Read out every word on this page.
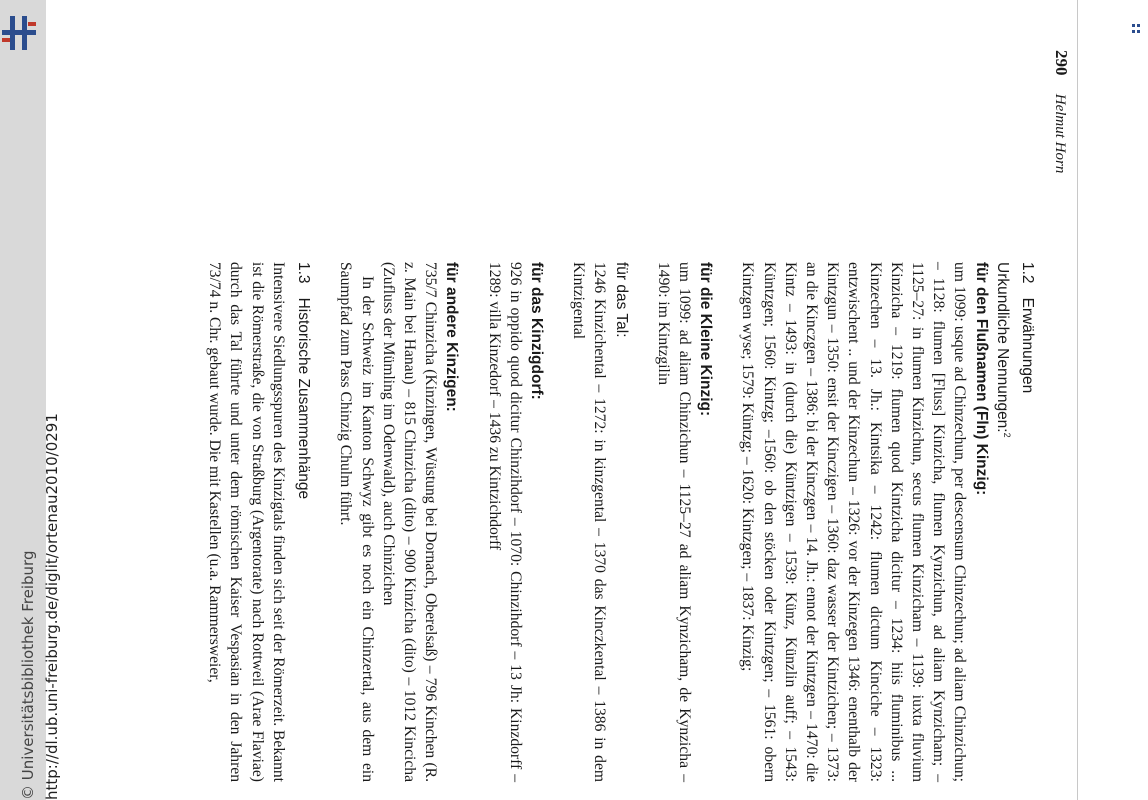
http://dl.ub.uni-freiburg.de/diglit/ortenau2010/0291
© Universitätsbibliothek Freiburg
290 Helmut Horn
1.2Erwähnungen
Urkundliche Nennungen:$^2$
für den Flußnamen (Fln) Kinzig:

um 1099: usque ad Chinzechun, per descensum Chinzechun; ad aliam Chinzichun; – 1128: flumen [Fluss] Kinzicha, flumen Kynzichun, ad aliam Kynzicham; – 1125–27: in flumen Kinzichun, secus flumen Kinzicham – 1139: iuxta fluvium Kinzicha – 1219: flumen quod Kintzicha dicitur – 1234: hiis fluminibus ... Kinzechen – 13. Jh.: Kintsika – 1242: flumen dictum Kinciche – 1323: entzwischent .. und der Kinzechun – 1326: vor der Kinzegen 1346: enenthalb der Kintzgun – 1350: ensit der Kinczigen – 1360: daz wasser der Kintzichen; – 1373: an die Kinczgen – 1386: bi der Kinczgen – 14. Jh.: ennot der Kintzgen – 1470: die Kintz – 1493: in (durch die) Küntzigen – 1539: Künz, Künzlin auff; – 1543: Küntzgen; 1560: Kintzg; –1560: ob den stöcken oder Kintzgen; – 1561: obern Kintzgen wyse; 1579: Küntzg; – 1620: Kintzgen; – 1837: Kinzig;

für die Kleine Kinzig:

um 1099: ad aliam Chinzichun – 1125–27 ad aliam Kynzicham, de Kynzicha – 1490: im Kintzgilin

für das Tal:

1246 Kinzichental – 1272: in kinzgental – 1370 das Kinczkental – 1386 in dem Kintzigental

für das Kinzigdorf:

926 in oppido quod dicitur Chinzihdorf – 1070: Chinzihdorf – 13 Jh: Kinzdorff – 1289: villa Kinzedorf – 1436 zu Kintzichdorff

für andere Kinzigen:

735/7 Chinzicha (Kinzingen, Wüstung bei Dornach, Oberelsaß) – 796 Kinchen (R. z. Main bei Hanau) – 815 Chinzicha (dito) – 900 Kinzicha (dito) – 1012 Kincicha (Zufluss der Mümling im Odenwald), auch Chinzichen

In der Schweiz im Kanton Schwyz gibt es noch ein Chinzertal, aus dem ein Saumpfad zum Pass Chinzig Chulm führt.

1.3Historische Zusammenhänge

Intensivere Siedlungsspuren des Kinzigtals finden sich seit der Römerzeit. Bekannt ist die Römerstraße, die von Straßburg (Argentorate) nach Rottweil (Arae Flaviae) durch das Tal führte und unter dem römischen Kaiser Vespasian in den Jahren 73/74 n. Chr. gebaut wurde. Die mit Kastellen (u.a. Rammersweier,
